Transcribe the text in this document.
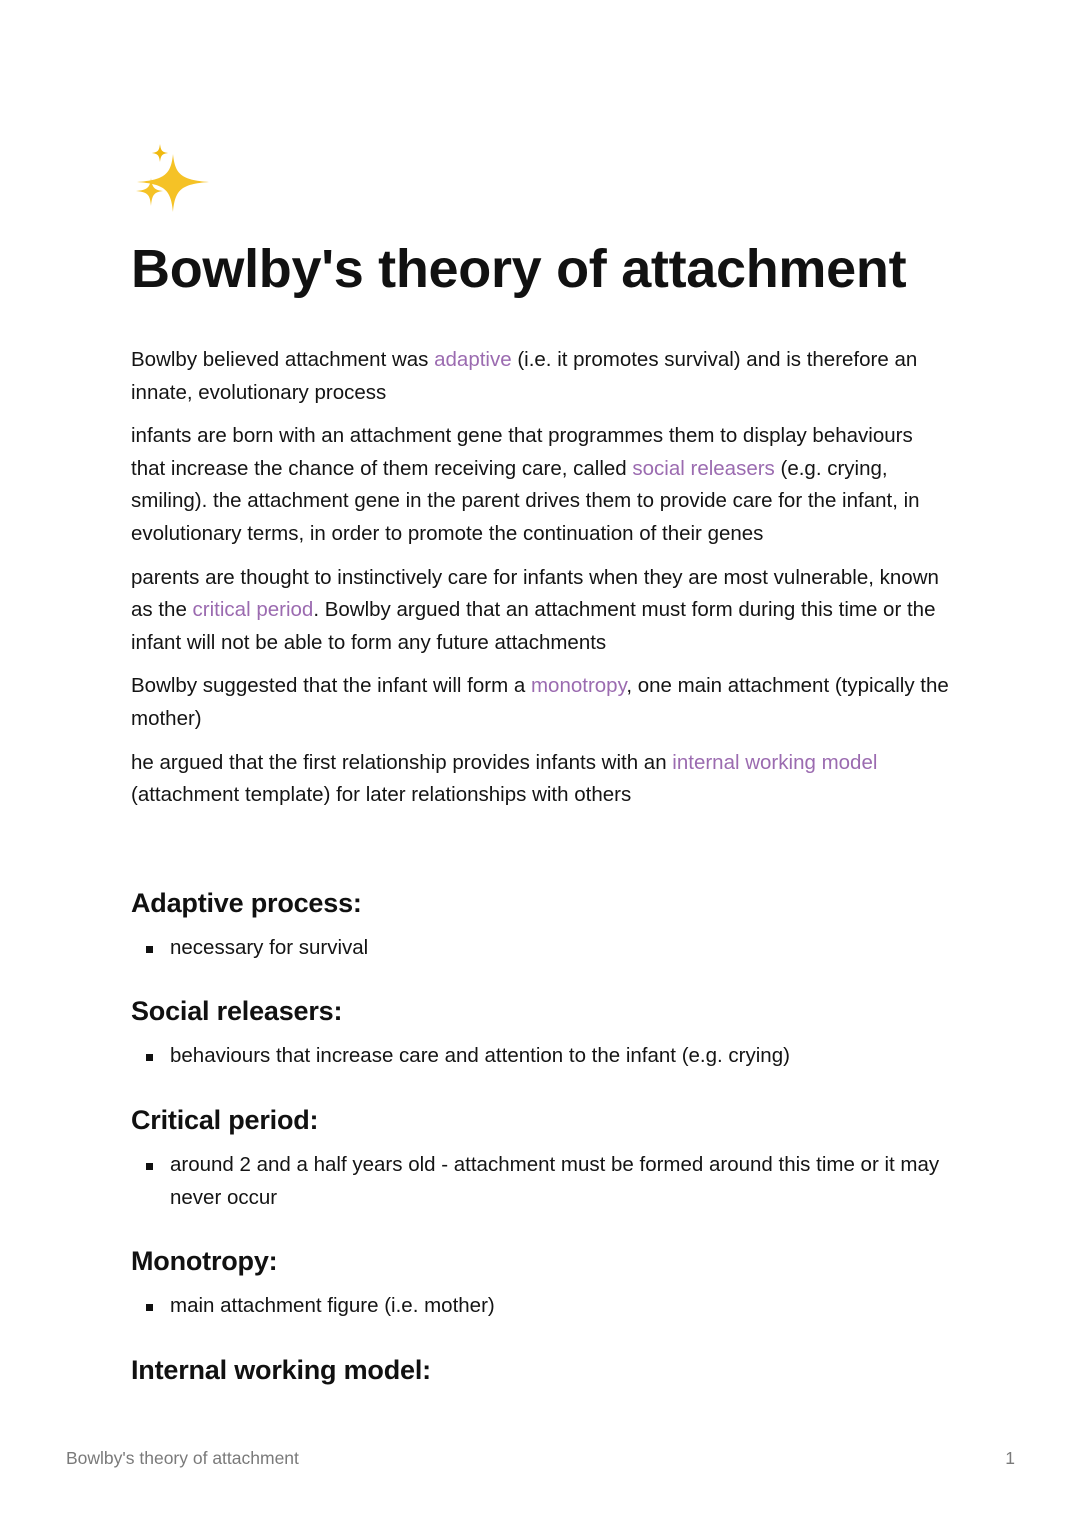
Bowlby's theory of attachment

Bowlby believed attachment was adaptive (i.e. it promotes survival) and is therefore an innate, evolutionary process

infants are born with an attachment gene that programmes them to display behaviours that increase the chance of them receiving care, called social releasers (e.g. crying, smiling). the attachment gene in the parent drives them to provide care for the infant, in evolutionary terms, in order to promote the continuation of their genes

parents are thought to instinctively care for infants when they are most vulnerable, known as the critical period. Bowlby argued that an attachment must form during this time or the infant will not be able to form any future attachments

Bowlby suggested that the infant will form a monotropy, one main attachment (typically the mother)

he argued that the first relationship provides infants with an internal working model (attachment template) for later relationships with others

Adaptive process:
necessary for survival
Social releasers:
behaviours that increase care and attention to the infant (e.g. crying)
Critical period:
around 2 and a half years old - attachment must be formed around this time or it may never occur
Monotropy:
main attachment figure (i.e. mother)
Internal working model:
Bowlby's theory of attachment	1
